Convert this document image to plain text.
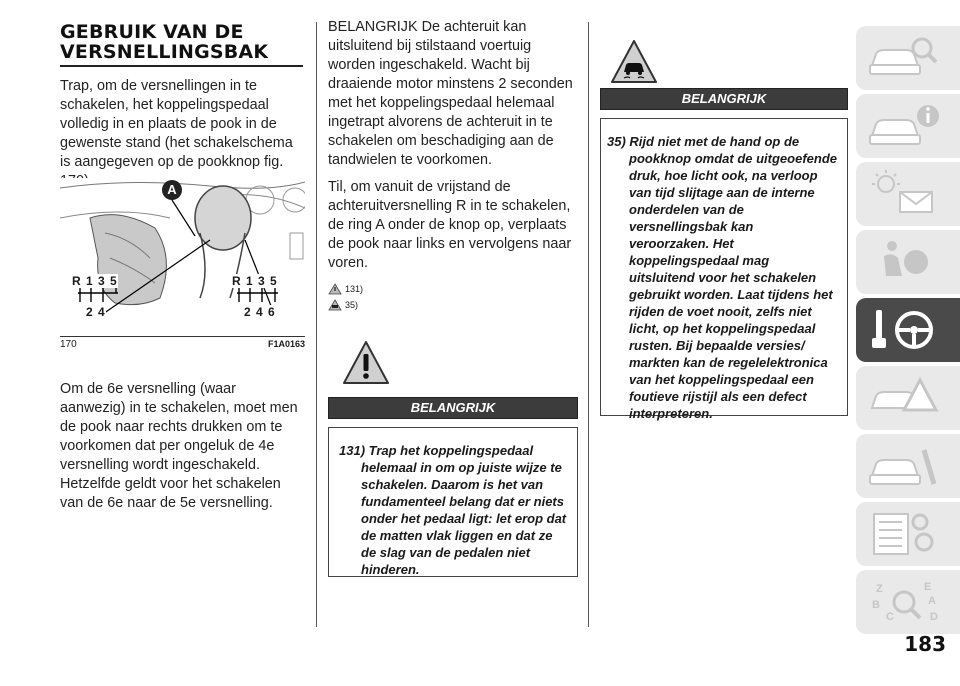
GEBRUIK VAN DE
VERSNELLINGSBAK

Trap, om de versnellingen in te schakelen, het koppelingspedaal volledig in en plaats de pook in de gewenste stand (het schakelschema is aangegeven op de pookknop fig.

A
R 1 3 5
2 4
R 1 3 5
2 4 6
170	F1A0163

Om de 6e versnelling (waar aanwezig) in te schakelen, moet men de pook naar rechts drukken om te voorkomen dat per ongeluk de 4e versnelling wordt ingeschakeld. Hetzelfde geldt voor het schakelen van de 6e naar de 5e versnelling.

BELANGRIJK De achteruit kan uitsluitend bij stilstaand voertuig worden ingeschakeld. Wacht bij draaiende motor minstens 2 seconden met het koppelingspedaal helemaal ingetrapt alvorens de achteruit in te schakelen om beschadiging aan de tandwielen te voorkomen.

Til, om vanuit de vrijstand de achteruitversnelling R in te schakelen, de ring A onder de knop op, verplaats de pook naar links en vervolgens naar voren.

131)
35)
BELANGRIJK
131) Trap het koppelingspedaal helemaal in om op juiste wijze te schakelen. Daarom is het van fundamenteel belang dat er niets onder het pedaal ligt: let erop dat de matten vlak liggen en dat ze de slag van de pedalen niet hinderen.
BELANGRIJK
35) Rijd niet met de hand op de pookknop omdat de uitgeoefende druk, hoe licht ook, na verloop van tijd slijtage aan de interne onderdelen van de versnellingsbak kan veroorzaken. Het koppelingspedaal mag uitsluitend voor het schakelen gebruikt worden. Laat tijdens het rijden de voet nooit, zelfs niet licht, op het koppelingspedaal rusten. Bij bepaalde versies/ markten kan de regelelektronica van het koppelingspedaal een foutieve rijstijl als een defect interpreteren.
Z	E
A
B
C	D
183
